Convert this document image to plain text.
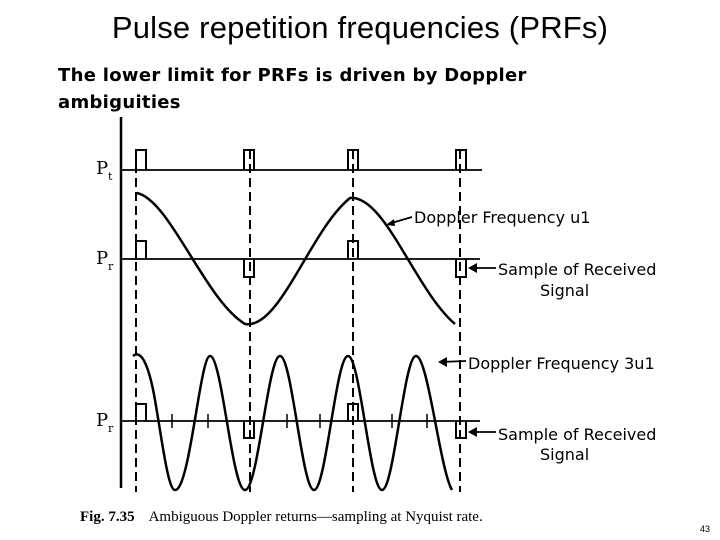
Pulse repetition frequencies (PRFs)
The lower limit for PRFs is driven by Doppler ambiguities
P t
P r
P r
Doppler Frequency u1
Sample of Received
Signal
Doppler Frequency 3u1
Sample of Received
Signal
Fig. 7.35 Ambiguous Doppler returns—sampling at Nyquist rate.
43
